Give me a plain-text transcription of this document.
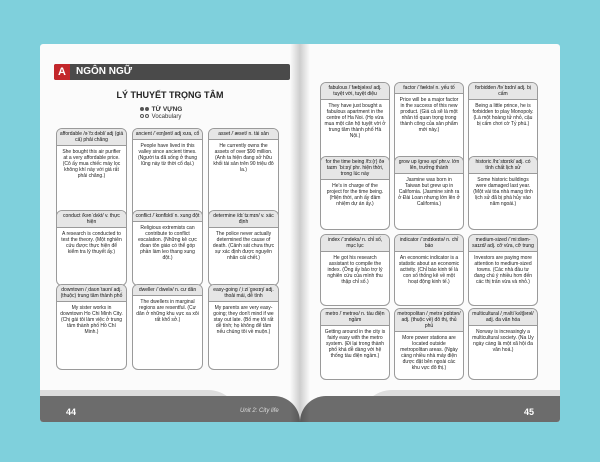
A	NGÔN NGỮ
LÝ THUYẾT TRỌNG TÂM
TỪ VỰNG
Vocabulary
affordable /əˈfɔːdəbl/ adj (giá cả) phải chăng
She bought this air purifier at a very affordable price. (Cô ấy mua chiếc máy lọc không khí này với giá rất phải chăng.)
ancient /ˈeɪnʃənt/ adj xưa, cổ
People have lived in this valley since ancient times. (Người ta đã sống ở thung lũng này từ thời cổ đại.)
asset /ˈæset/ n. tài sản
He currently owns the assets of over $90 million. (Anh ta hiện đang sở hữu khối tài sản trên 90 triệu đô la.)
conduct /kənˈdʌkt/ v. thực hiện
A research is conducted to test the theory. (Một nghiên cứu được thực hiện để kiểm tra lý thuyết ấy.)
conflict /ˈkɒnflɪkt/ n. xung đột
Religious extremists can contribute to conflict escalation. (Những kẻ cực đoan tôn giáo có thể góp phần làm leo thang xung đột.)
determine /dɪˈtɜːmɪn/ v. xác định
The police never actually determined the cause of death. (Cảnh sát chưa thực sự xác định được nguyên nhân cái chết.)
downtown /ˌdaʊnˈtaʊn/ adj. (thuộc) trung tâm thành phố
My sister works in downtown Ho Chi Minh City. (Chị gái tôi làm việc ở trung tâm thành phố Hồ Chí Minh.)
dweller /ˈdwelə/ n. cư dân
The dwellers in marginal regions are resentful. (Cư dân ở những khu vực xa xôi rất khổ sở.)
easy-going /ˌiːziˈɡəʊɪŋ/ adj. thoải mái, dễ tính
My parents are very easy-going; they don't mind if we stay out late. (Bố mẹ tôi rất dễ tính; họ không để tâm nếu chúng tôi về muộn.)
44	Unit 2: City life
fabulous /ˈfæbjələs/ adj. tuyệt vời, tuyệt diệu
They have just bought a fabulous apartment in the centre of Ha Noi. (Họ vừa mua một căn hộ tuyệt vời ở trung tâm thành phố Hà Nội.)
factor /ˈfæktə/ n. yếu tố
Price will be a major factor in the success of this new product. (Giá cả sẽ là một nhân tố quan trọng trong thành công của sản phẩm mới này.)
forbidden /fəˈbɪdn/ adj. bị cấm
Being a little prince, he is forbidden to play Monopoly. (Là một hoàng tử nhỏ, cậu bị cấm chơi cờ Tỷ phú.)
for the time being /fɔː(r) ðə taɪm ˈbiːɪŋ/ phr. hiện thời, trong lúc này
He's in charge of the project for the time being. (Hiện thời, anh ấy đảm nhiệm dự án ấy.)
grow up /ɡrəʊ ʌp/ phr.v. lớn lên, trưởng thành
Jasmine was born in Taiwan but grew up in California. (Jasmine sinh ra ở Đài Loan nhưng lớn lên ở California.)
historic /hɪˈstɒrɪk/ adj. có tính chất lịch sử
Some historic buildings were damaged last year. (Một vài tòa nhà mang tính lịch sử đã bị phá hủy vào năm ngoái.)
index /ˈɪndeks/ n. chỉ số, mục lục
He got his research assistant to compile the index. (Ông ấy bảo trợ lý nghiên cứu của mình thu thập chỉ số.)
indicator /ˈɪndɪkeɪtə/ n. chỉ báo
An economic indicator is a statistic about an economic activity. (Chỉ báo kinh tế là con số thống kê về một hoạt động kinh tế.)
medium-sized /ˈmiːdiəm-saɪzd/ adj. cỡ vừa, cỡ trung
Investors are paying more attention to medium-sized towns. (Các nhà đầu tư đang chú ý nhiều hơn đến các thị trấn vừa và nhỏ.)
metro /ˈmetrəʊ/ n. tàu điện ngầm
Getting around in the city is fairly easy with the metro system. (Đi lại trong thành phố khá dễ dàng với hệ thống tàu điện ngầm.)
metropolitan /ˌmetrəˈpɒlɪtən/ adj. (thuộc về) đô thị, thủ phủ
More power stations are located outside metropolitan areas. (Ngày càng nhiều nhà máy điện được đặt bên ngoài các khu vực đô thị.)
multicultural /ˌmʌltiˈkʌltʃərəl/ adj. đa văn hóa
Norway is increasingly a multicultural society. (Na Uy ngày càng là một xã hội đa văn hoá.)
45
